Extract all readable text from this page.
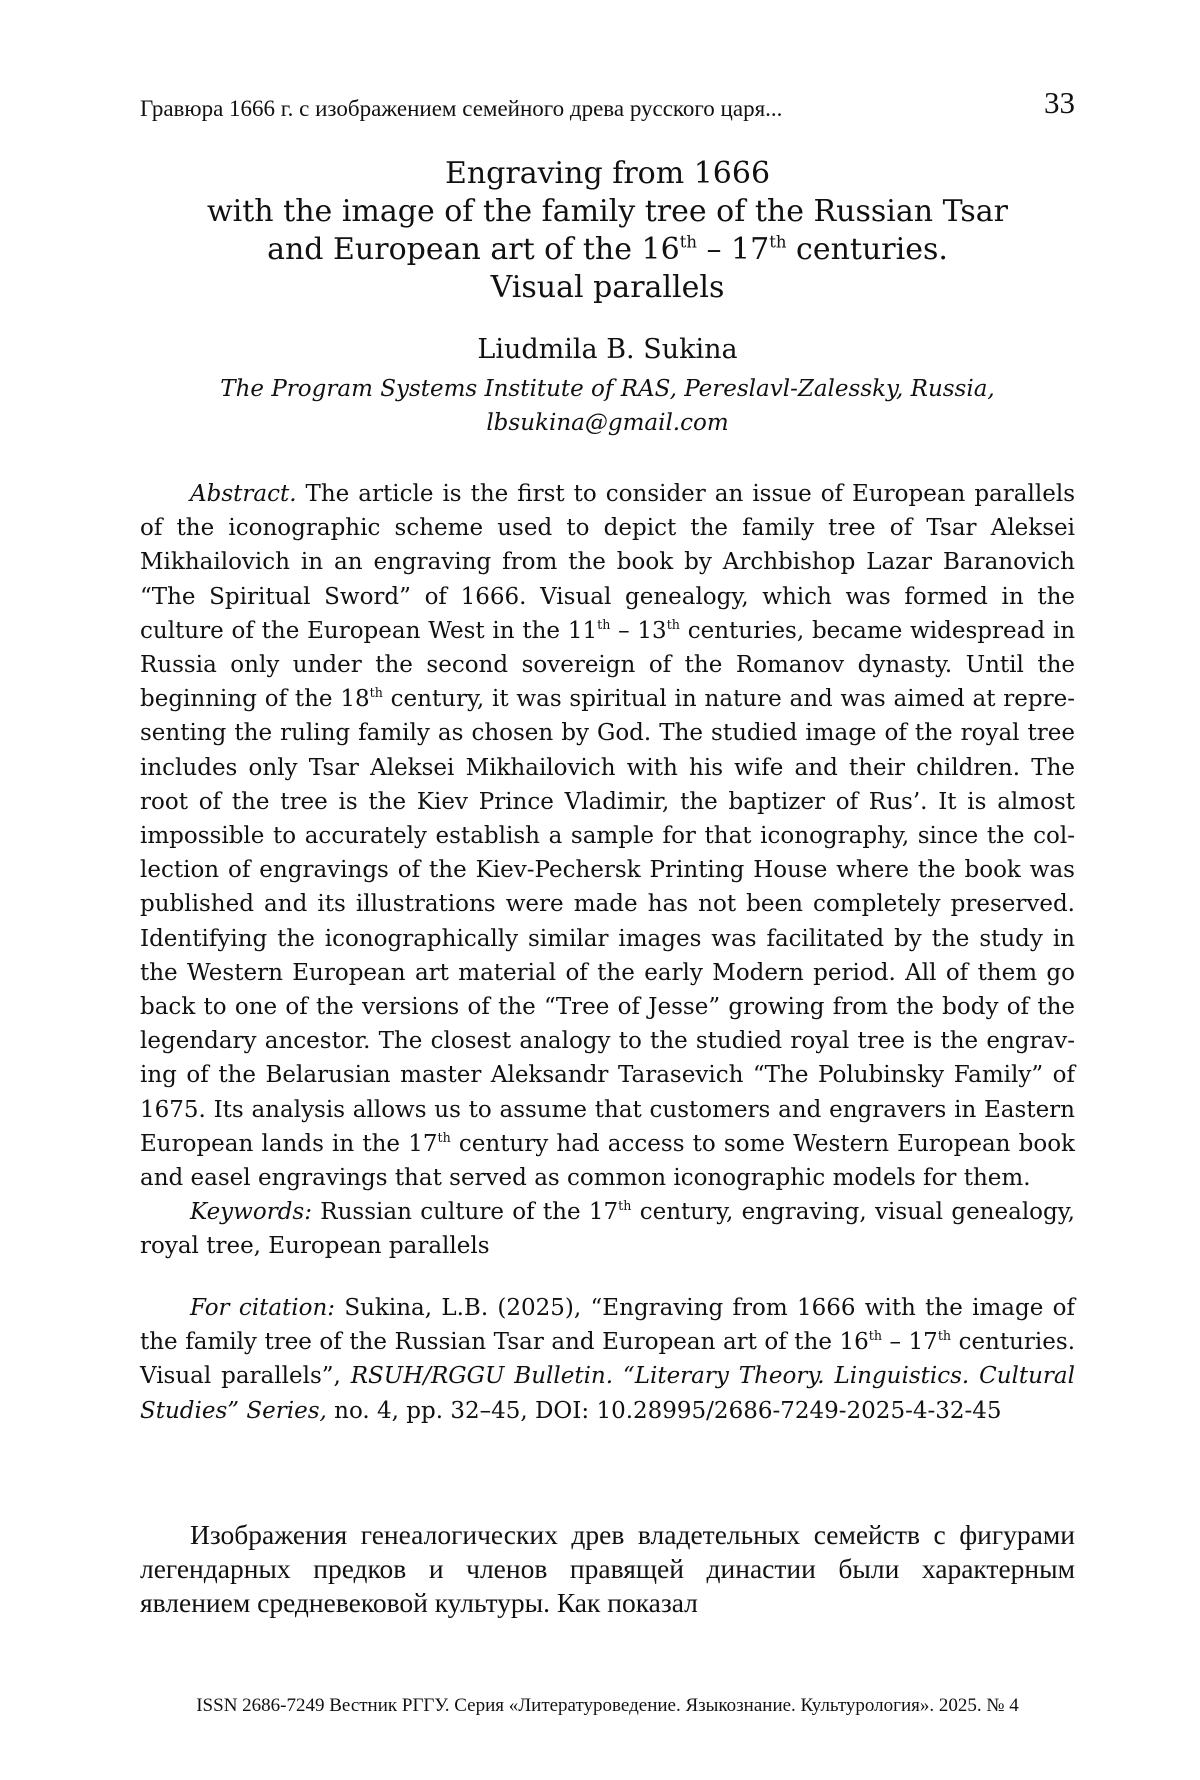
Гравюра 1666 г. с изображением семейного древа русского царя...	33
Engraving from 1666
with the image of the family tree of the Russian Tsar
and European art of the 16th – 17th centuries.
Visual parallels
Liudmila B. Sukina
The Program Systems Institute of RAS, Pereslavl-Zalessky, Russia,
lbsukina@gmail.com

Abstract. The article is the first to consider an issue of European parallels of the iconographic scheme used to depict the family tree of Tsar Aleksei Mikhailovich in an engraving from the book by Archbishop Lazar Baranovich “The Spiritual Sword” of 1666. Visual genealogy, which was formed in the culture of the European West in the 11th – 13th centuries, became widespread in Russia only under the second sovereign of the Romanov dynasty. Until the beginning of the 18th century, it was spiritual in nature and was aimed at representing the ruling family as chosen by God. The studied image of the royal tree includes only Tsar Aleksei Mikhailovich with his wife and their children. The root of the tree is the Kiev Prince Vladimir, the baptizer of Rus’. It is almost impossible to accurately establish a sample for that iconography, since the collection of engravings of the Kiev-Pechersk Printing House where the book was published and its illustrations were made has not been completely preserved. Identifying the iconographically similar images was facilitated by the study in the Western European art material of the early Modern period. All of them go back to one of the versions of the “Tree of Jesse” growing from the body of the legendary ancestor. The closest analogy to the studied royal tree is the engraving of the Belarusian master Aleksandr Tarasevich “The Polubinsky Family” of 1675. Its analysis allows us to assume that customers and engravers in Eastern European lands in the 17th century had access to some Western European book and easel engravings that served as common iconographic models for them.

Keywords: Russian culture of the 17th century, engraving, visual genealogy, royal tree, European parallels

For citation: Sukina, L.B. (2025), “Engraving from 1666 with the image of the family tree of the Russian Tsar and European art of the 16th – 17th centuries. Visual parallels”, RSUH/RGGU Bulletin. “Literary Theory. Linguistics. Cultural Studies” Series, no. 4, pp. 32–45, DOI: 10.28995/2686-7249-2025-4-32-45

Изображения генеалогических древ владетельных семейств с фигурами легендарных предков и членов правящей династии были характерным явлением средневековой культуры. Как показал

ISSN 2686-7249 Вестник РГГУ. Серия «Литературоведение. Языкознание. Культурология». 2025. № 4
